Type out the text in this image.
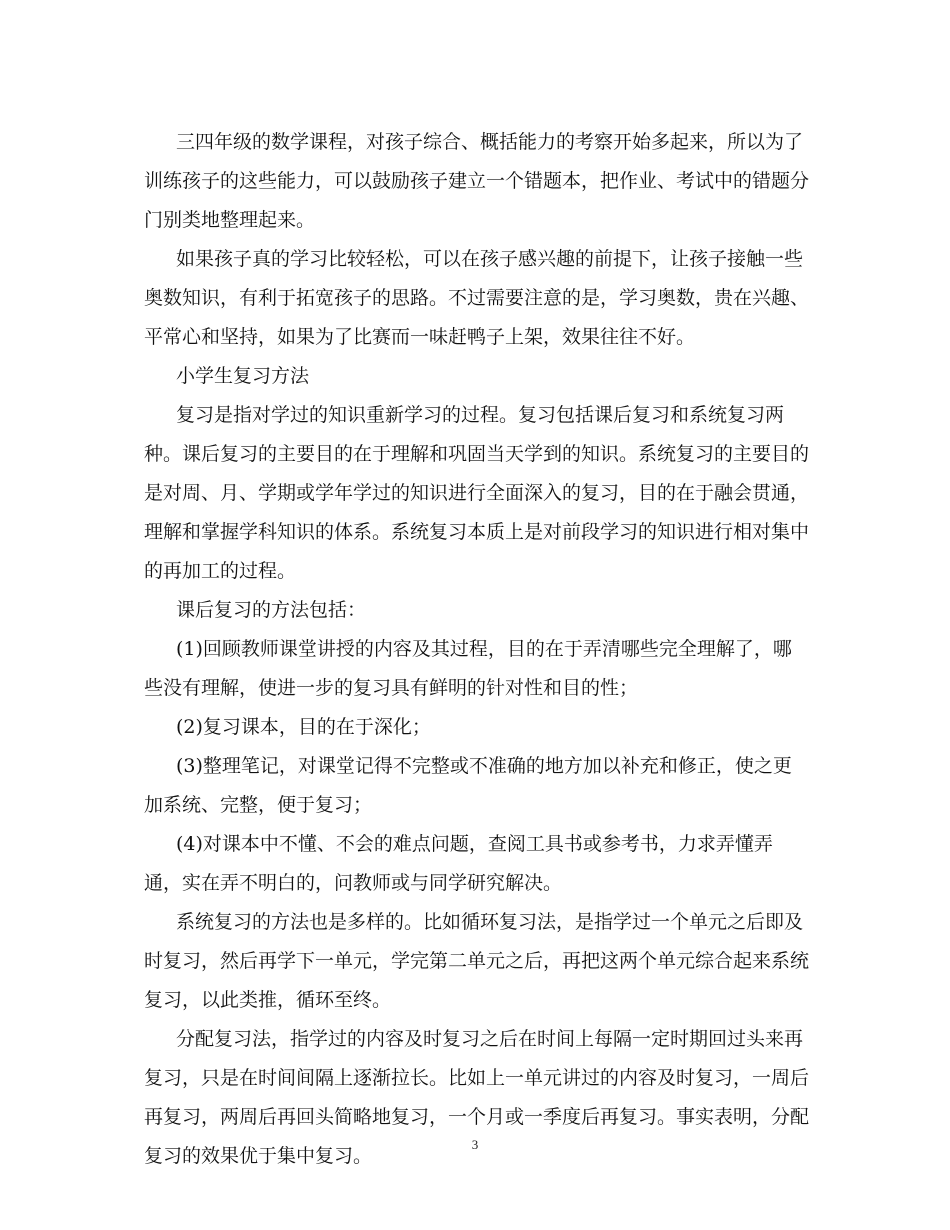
三四年级的数学课程，对孩子综合、概括能力的考察开始多起来，所以为了
训练孩子的这些能力，可以鼓励孩子建立一个错题本，把作业、考试中的错题分
门别类地整理起来。

如果孩子真的学习比较轻松，可以在孩子感兴趣的前提下，让孩子接触一些
奥数知识，有利于拓宽孩子的思路。不过需要注意的是，学习奥数，贵在兴趣、
平常心和坚持，如果为了比赛而一味赶鸭子上架，效果往往不好。

小学生复习方法

复习是指对学过的知识重新学习的过程。复习包括课后复习和系统复习两
种。课后复习的主要目的在于理解和巩固当天学到的知识。系统复习的主要目的
是对周、月、学期或学年学过的知识进行全面深入的复习，目的在于融会贯通，
理解和掌握学科知识的体系。系统复习本质上是对前段学习的知识进行相对集中
的再加工的过程。

课后复习的方法包括：

(1)回顾教师课堂讲授的内容及其过程，目的在于弄清哪些完全理解了，哪
些没有理解，使进一步的复习具有鲜明的针对性和目的性；

(2)复习课本，目的在于深化；

(3)整理笔记，对课堂记得不完整或不准确的地方加以补充和修正，使之更
加系统、完整，便于复习；

(4)对课本中不懂、不会的难点问题，查阅工具书或参考书，力求弄懂弄
通，实在弄不明白的，问教师或与同学研究解决。

系统复习的方法也是多样的。比如循环复习法，是指学过一个单元之后即及
时复习，然后再学下一单元，学完第二单元之后，再把这两个单元综合起来系统
复习，以此类推，循环至终。

分配复习法，指学过的内容及时复习之后在时间上每隔一定时期回过头来再
复习，只是在时间间隔上逐渐拉长。比如上一单元讲过的内容及时复习，一周后
再复习，两周后再回头简略地复习，一个月或一季度后再复习。事实表明，分配
复习的效果优于集中复习。

3
